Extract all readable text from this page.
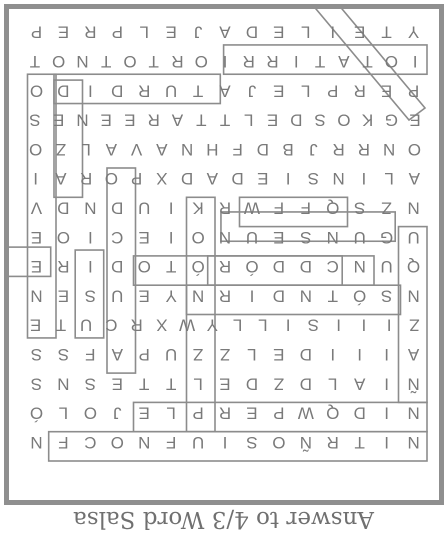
N
I
T
R
Ñ
O
S
I
U
F
N
O
C
F
N
N
I
D
Q
W
P
E
R
P
L
E
J
O
L
Ó
Ñ
I
A
L
D
Z
D
E
L
T
T
E
S
N
S
A
I
I
I
D
E
L
Z
Z
U
P
A
F
S
S
Z
I
I
I
S
I
L
L
Y
W
X
R
C
U
T
E
N
S
Ó
T
N
D
I
R
N
Y
E
U
S
E
N
Q
U
N
C
D
D
Ó
R
Ó
T
O
D
I
R
E
U
G
U
N
S
E
U
N
O
I
E
C
I
O
E
N
Z
S
Q
F
F
W
R
K
I
U
D
N
D
V
A
L
I
N
S
I
E
D
A
D
X
P
O
R
A
I
O
N
R
R
J
B
D
F
H
N
A
V
A
L
Z
O
E
G
K
O
S
D
E
L
T
T
A
R
E
E
N
E
S
P
E
R
P
L
E
J
A
T
U
R
D
I
D
O
I
O
T
A
T
I
R
R
I
O
R
T
O
T
N
O
T
Y
T
E
I
L
E
D
A
J
E
L
P
R
E
P
Answer to 4/3 Word Salsa
